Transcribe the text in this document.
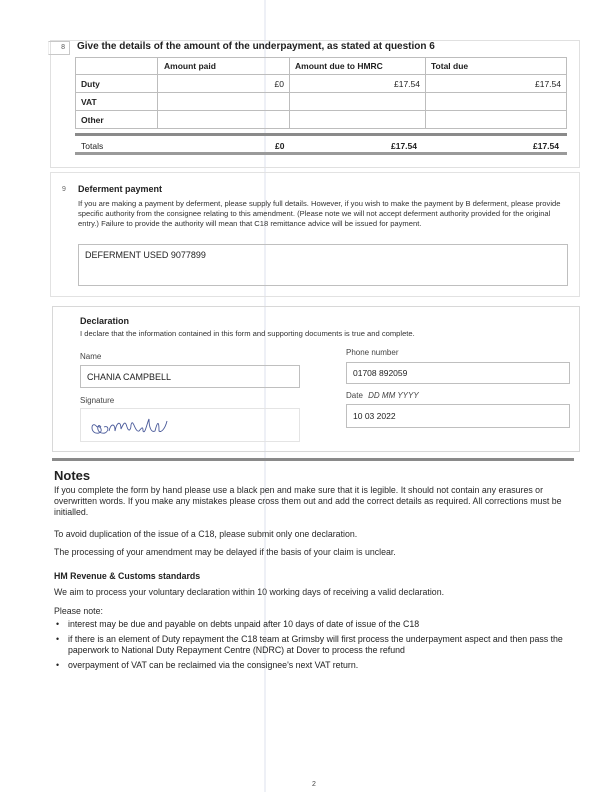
8	Give the details of the amount of the underpayment, as stated at question 6
	Amount paid	Amount due to HMRC	Total due
Duty	£0	£17.54	£17.54
VAT			
Other			
Totals	£0	£17.54	£17.54
9 Deferment payment
If you are making a payment by deferment, please supply full details. However, if you wish to make the payment by B deferment, please provide specific authority from the consignee relating to this amendment. (Please note we will not accept deferment authority provided for the original entry.) Failure to provide the authority will mean that C18 remittance advice will be issued for payment.
DEFERMENT USED 9077899
Declaration
I declare that the information contained in this form and supporting documents is true and complete.
Name
CHANIA CAMPBELL
Phone number
01708 892059
Signature
Date DD MM YYYY
10 03 2022
Notes
If you complete the form by hand please use a black pen and make sure that it is legible. It should not contain any erasures or overwritten words. If you make any mistakes please cross them out and add the correct details as required. All corrections must be initialled.
To avoid duplication of the issue of a C18, please submit only one declaration.
The processing of your amendment may be delayed if the basis of your claim is unclear.
HM Revenue & Customs standards
We aim to process your voluntary declaration within 10 working days of receiving a valid declaration.
Please note:
• interest may be due and payable on debts unpaid after 10 days of date of issue of the C18
• if there is an element of Duty repayment the C18 team at Grimsby will first process the underpayment aspect and then pass the paperwork to National Duty Repayment Centre (NDRC) at Dover to process the refund
• overpayment of VAT can be reclaimed via the consignee's next VAT return.
2
